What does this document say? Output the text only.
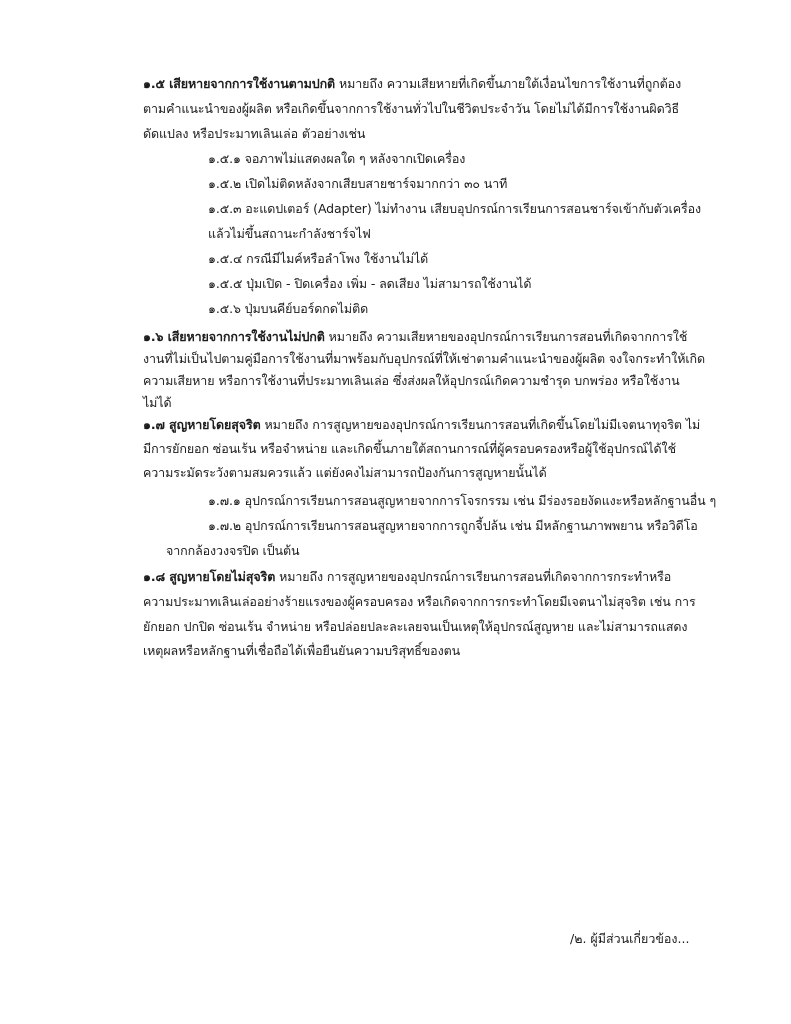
๑.๕ เสียหายจากการใช้งานตามปกติ หมายถึง ความเสียหายที่เกิดขึ้นภายใต้เงื่อนไขการใช้งานที่ถูกต้อง
ตามคำแนะนำของผู้ผลิต หรือเกิดขึ้นจากการใช้งานทั่วไปในชีวิตประจำวัน โดยไม่ได้มีการใช้งานผิดวิธี
ดัดแปลง หรือประมาทเลินเล่อ ตัวอย่างเช่น
๑.๕.๑ จอภาพไม่แสดงผลใด ๆ หลังจากเปิดเครื่อง
๑.๕.๒ เปิดไม่ติดหลังจากเสียบสายชาร์จมากกว่า ๓๐ นาที
๑.๕.๓ อะแดปเตอร์ (Adapter) ไม่ทำงาน เสียบอุปกรณ์การเรียนการสอนชาร์จเข้ากับตัวเครื่อง
แล้วไม่ขึ้นสถานะกำลังชาร์จไฟ
๑.๕.๔ กรณีมีไมค์หรือลำโพง ใช้งานไม่ได้
๑.๕.๕ ปุ่มเปิด - ปิดเครื่อง เพิ่ม - ลดเสียง ไม่สามารถใช้งานได้
๑.๕.๖ ปุ่มบนคีย์บอร์ดกดไม่ติด
๑.๖ เสียหายจากการใช้งานไม่ปกติ หมายถึง ความเสียหายของอุปกรณ์การเรียนการสอนที่เกิดจากการใช้
งานที่ไม่เป็นไปตามคู่มือการใช้งานที่มาพร้อมกับอุปกรณ์ที่ให้เช่าตามคำแนะนำของผู้ผลิต จงใจกระทำให้เกิด
ความเสียหาย หรือการใช้งานที่ประมาทเลินเล่อ ซึ่งส่งผลให้อุปกรณ์เกิดความชำรุด บกพร่อง หรือใช้งาน
ไม่ได้
๑.๗ สูญหายโดยสุจริต หมายถึง การสูญหายของอุปกรณ์การเรียนการสอนที่เกิดขึ้นโดยไม่มีเจตนาทุจริต ไม่
มีการยักยอก ซ่อนเร้น หรือจำหน่าย และเกิดขึ้นภายใต้สถานการณ์ที่ผู้ครอบครองหรือผู้ใช้อุปกรณ์ได้ใช้
ความระมัดระวังตามสมควรแล้ว แต่ยังคงไม่สามารถป้องกันการสูญหายนั้นได้
๑.๗.๑ อุปกรณ์การเรียนการสอนสูญหายจากการโจรกรรม เช่น มีร่องรอยงัดแงะหรือหลักฐานอื่น ๆ
๑.๗.๒ อุปกรณ์การเรียนการสอนสูญหายจากการถูกจี้ปล้น เช่น มีหลักฐานภาพพยาน หรือวิดีโอ
จากกล้องวงจรปิด เป็นต้น
๑.๘ สูญหายโดยไม่สุจริต หมายถึง การสูญหายของอุปกรณ์การเรียนการสอนที่เกิดจากการกระทำหรือ
ความประมาทเลินเล่ออย่างร้ายแรงของผู้ครอบครอง หรือเกิดจากการกระทำโดยมีเจตนาไม่สุจริต เช่น การ
ยักยอก ปกปิด ซ่อนเร้น จำหน่าย หรือปล่อยปละละเลยจนเป็นเหตุให้อุปกรณ์สูญหาย และไม่สามารถแสดง
เหตุผลหรือหลักฐานที่เชื่อถือได้เพื่อยืนยันความบริสุทธิ์ของตน
/๒. ผู้มีส่วนเกี่ยวข้อง...
